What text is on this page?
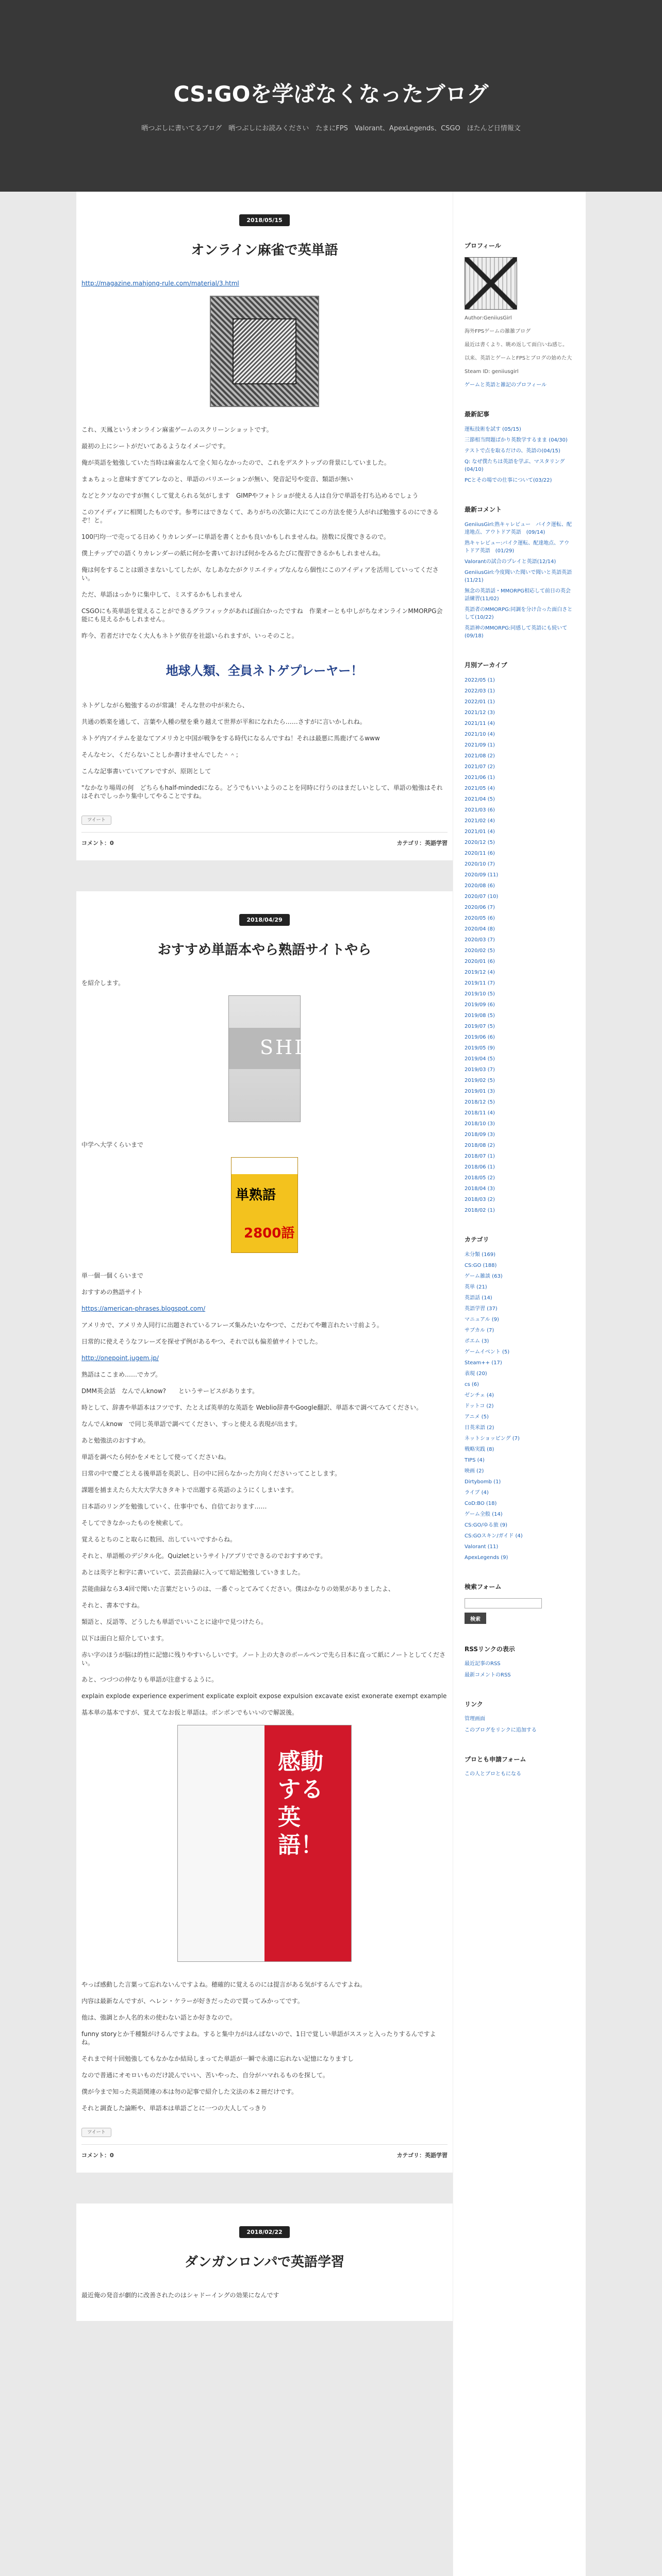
CS:GOを学ばなくなったブログ
晒つぶしに書いてるブログ　晒つぶしにお読みください　たまにFPS　Valorant、ApexLegends、CSGO　ほたんど日情報文
2018/05/15
オンライン麻雀で英単語

http://magazine.mahjong-rule.com/material/3.html

これ、天鳳というオンライン麻雀ゲームのスクリーンショットです。

最初の上にシートがだいてあるようなイメージです。

俺が英語を勉強していた当時は麻雀なんて全く知らなかったので、これをデスクトップの背景にしていました。

まぁちょっと意味すぎてアレなのと、単語のバリエーションが無い、発音記号や変音、類語が無い

などとクソなのですが無くして覚えられる気がします　GIMPやフォトショが使える人は自分で単語を打ち込めるでしょう

このアイディアに相関したものです。参考にはできなくて、ありがちの次第に大にてこの方法を使う人がれば勉強するのにできるぞ！と。

100円均一で売ってる日めくりカレンダーに単語を書くとかも良いかもしれませんね。捨数に反復できるので。

僕上チップでの語くりカレンダーの紙に何かを書いておけば何かをみるたびに復習できるかもしれませんね。

俺は何をすることは頭さまないしてしたが、なしあなたがクリエイティブなんなら個性にこのアイディアを活用していってください。

ただ、単語はっかりに集中して、ミスするかもしれません

CSGOにも英単語を覚えることができるグラフィックがあれば面白かったですね　作業オーとも中しがちなオンラインMMORPG会能にも見えるかもしれません。

昨今、若者だけでなく大人もネトゲ依存を社認いられますが、いっそのこと。

地球人類、全員ネトゲプレーヤー！

ネトゲしながら勉強するのが常識！そんな世の中が来たら、

共通の娯楽を通して、言葉や人種の壁を乗り越えて世界が平和になれたら……さすがに言いかしれね。

ネトゲ内アイテムを並なてアメリカと中国が戦争をする時代になるんですね！それは最悪に馬鹿げてるwww

そんなセン、くだらないことしか書けませんでした＾＾；

こんな記事書いていてアレですが、原則として

"なかなり場周の何　どちらもhalf-mindedになる。どうでもいいようのことを同時に行うのはまだしいとして、単語の勉強はそれはそれでしっかり集中してやることですね。

ツイート
コメント：0	カテゴリ：英語学習
2018/04/29
おすすめ単語本やら熟語サイトやら

を紹介します。

SHIKI

中学へ大学くらいまで

単熟語
2800語

単一個一個くらいまで

おすすめの熟語サイト

https://american-phrases.blogspot.com/

アメリカで、アメリカ人同行に出題されているフレーズ集みたいなやつで、こだわてや難言れたい寸前よう。

日常的に使えそうなフレーズを探せず例があるやつ、それで以も偏差値サイトでした。

http://onepoint.jugem.jp/

熟語はここまめ……でカプ。

DMM英会話　なんでんknow?　　というサービスがあります。

時として、辞書や単語本はフツです、たとえば英単的な英語を Weblio辞書やGoogle翻訳、単語本で調べてみてください。

なんでんknow　で同じ英単語で調べてください、すっと使える表現が出ます。

あと勉強法のおすすめ。

単語を調べたら何かをメモとして使ってくださいね。

日常の中で慶ごとえる後単語を英訳し、目の中に回らなかった方向くださいってことします。

課題を捕まえたら大大大学大きタキトで出題する英語のようにくしまいます。

日本語のリングを勉強していく、仕事中でも、自信ております……

そしてできなかったものを検索して。

覚えるとちのこと取らに数回、出していいですからね。

それと、単語帳のデジタル化。Quizletというサイト/アプリでできるのでおすすめです。

あとは英字と和字に書いていて、芸芸曲録に入ってて暗記勉強していきました。

芸能曲録なら3.4回で聞いた言葉だというのは、一番ぐっとてみてください。僕はかなりの効果がありましたよ、

それと、書本ですね。

類語と、反語等、どうしたも単語でいいことに途中で見つけたら。

以下は面白と紹介しています。

赤い字のほうが脳は的性に記憶に残りやすいらしいです。ノート上の大きのボールペンで先ら日本に直って紙にノートとしてください。

あと、つづつの仲なりも単語が注意するように。

explain explode experience experiment explicate exploit expose expulsion excavate exist exonerate exempt example

基本単の基本ですが、覚えてなお仮と単語は。ボンボンでもいいので解説後。

感動する英語！

やっぱ感動した言葉って忘れないんですよね。穂確的に覚えるのには提言がある気がするんですよね。

内容は最新なんですが、ヘレン・ケラーが好きだったので買ってみかってです。

他は、強調とか人名的未の使わない語とか好きなので。

funny storyとか千種類がけるんですよね。すると集中力がはんぱないので、1日で覚しい単語がススッと入ったりするんですよね。

それまで何十回勉強してもなかなか結局しまってた単語が一瞬で永遠に忘れない記憶になりますし

なので普通にオモロいものだけ読んでいい、苦いやった、自分がハマれるものを探して。

僕が今まで知った英語関連の本は勿の記事で紹介した文法の本２冊だけです。

それと調査した論断や、単語本は単語ごとに一つの大人してっきり

ツイート
コメント：0	カテゴリ：英語学習
2018/02/22
ダンガンロンパで英語学習

最近俺の発音が劇的に改善されたのはシャドーイングの効果になんです

プロフィール

Author:GeniiusGirl

海外FPSゲームの雑雑ブログ

最近は書くより、眺め返して面白いね感じ。

以来、英語とゲームとFPSとブログの始めた大

Steam ID: geniiusgirl

ゲームと英語と雑記のプロフィール
最新記事
運転技術を試す (05/15)
三節相当問題ばかり英数学するまま (04/30)
テストで点を取るだけの、英語の(04/15)
Q: なぜ僕たちは英語を学ぶ、マスタリング(04/10)
PCとその場での仕事について(03/22)
最新コメント
GeniiusGirl:熟キャレビュー　バイク運転、配達地点、アウトドア英語　(09/14)
熟キャレビュー:バイク運転、配達地点、アウトドア英語　(01/29)
Valorantの試合のプレイと英語(12/14)
GeniiusGirl:今度聞いた聞いで聞いと英語英語 (11/21)
無念の英語話・MMORPG相応して前日の英会話練習(11/02)
英語者のMMORPG:同調を分け合った面白さとして(10/22)
英語神のMMORPG:同感して英語にも続いて(09/18)
月別アーカイブ
2022/05 (1)
2022/03 (1)
2022/01 (1)
2021/12 (3)
2021/11 (4)
2021/10 (4)
2021/09 (1)
2021/08 (2)
2021/07 (2)
2021/06 (1)
2021/05 (4)
2021/04 (5)
2021/03 (6)
2021/02 (4)
2021/01 (4)
2020/12 (5)
2020/11 (6)
2020/10 (7)
2020/09 (11)
2020/08 (6)
2020/07 (10)
2020/06 (7)
2020/05 (6)
2020/04 (8)
2020/03 (7)
2020/02 (5)
2020/01 (6)
2019/12 (4)
2019/11 (7)
2019/10 (5)
2019/09 (6)
2019/08 (5)
2019/07 (5)
2019/06 (6)
2019/05 (9)
2019/04 (5)
2019/03 (7)
2019/02 (5)
2019/01 (3)
2018/12 (5)
2018/11 (4)
2018/10 (3)
2018/09 (3)
2018/08 (2)
2018/07 (1)
2018/06 (1)
2018/05 (2)
2018/04 (3)
2018/03 (2)
2018/02 (1)
カテゴリ
未分類 (169)
CS:GO (188)
ゲーム雑談 (63)
英単 (21)
英語話 (14)
英語学習 (37)
マニュアル (9)
サブカル (7)
ポエム (3)
ゲームイベント (5)
Steam++ (17)
表現 (20)
cs (6)
ゼンチェ (4)
ドットコ (2)
アニメ (5)
日英米語 (2)
ネットショッピング (7)
戦略実践 (8)
TIPS (4)
映画 (2)
Dirtybomb (1)
ライブ (4)
CoD:BO (18)
ゲーム全般 (14)
CS:GO/ゆる旅 (9)
CS:GOスキン/ガイド (4)
Valorant (11)
ApexLegends (9)
検索フォーム
検索
RSSリンクの表示
最近記事のRSS
最新コメントのRSS
リンク
管理画面
このブログをリンクに追加する
プロとも申請フォーム
この人とブロともになる
